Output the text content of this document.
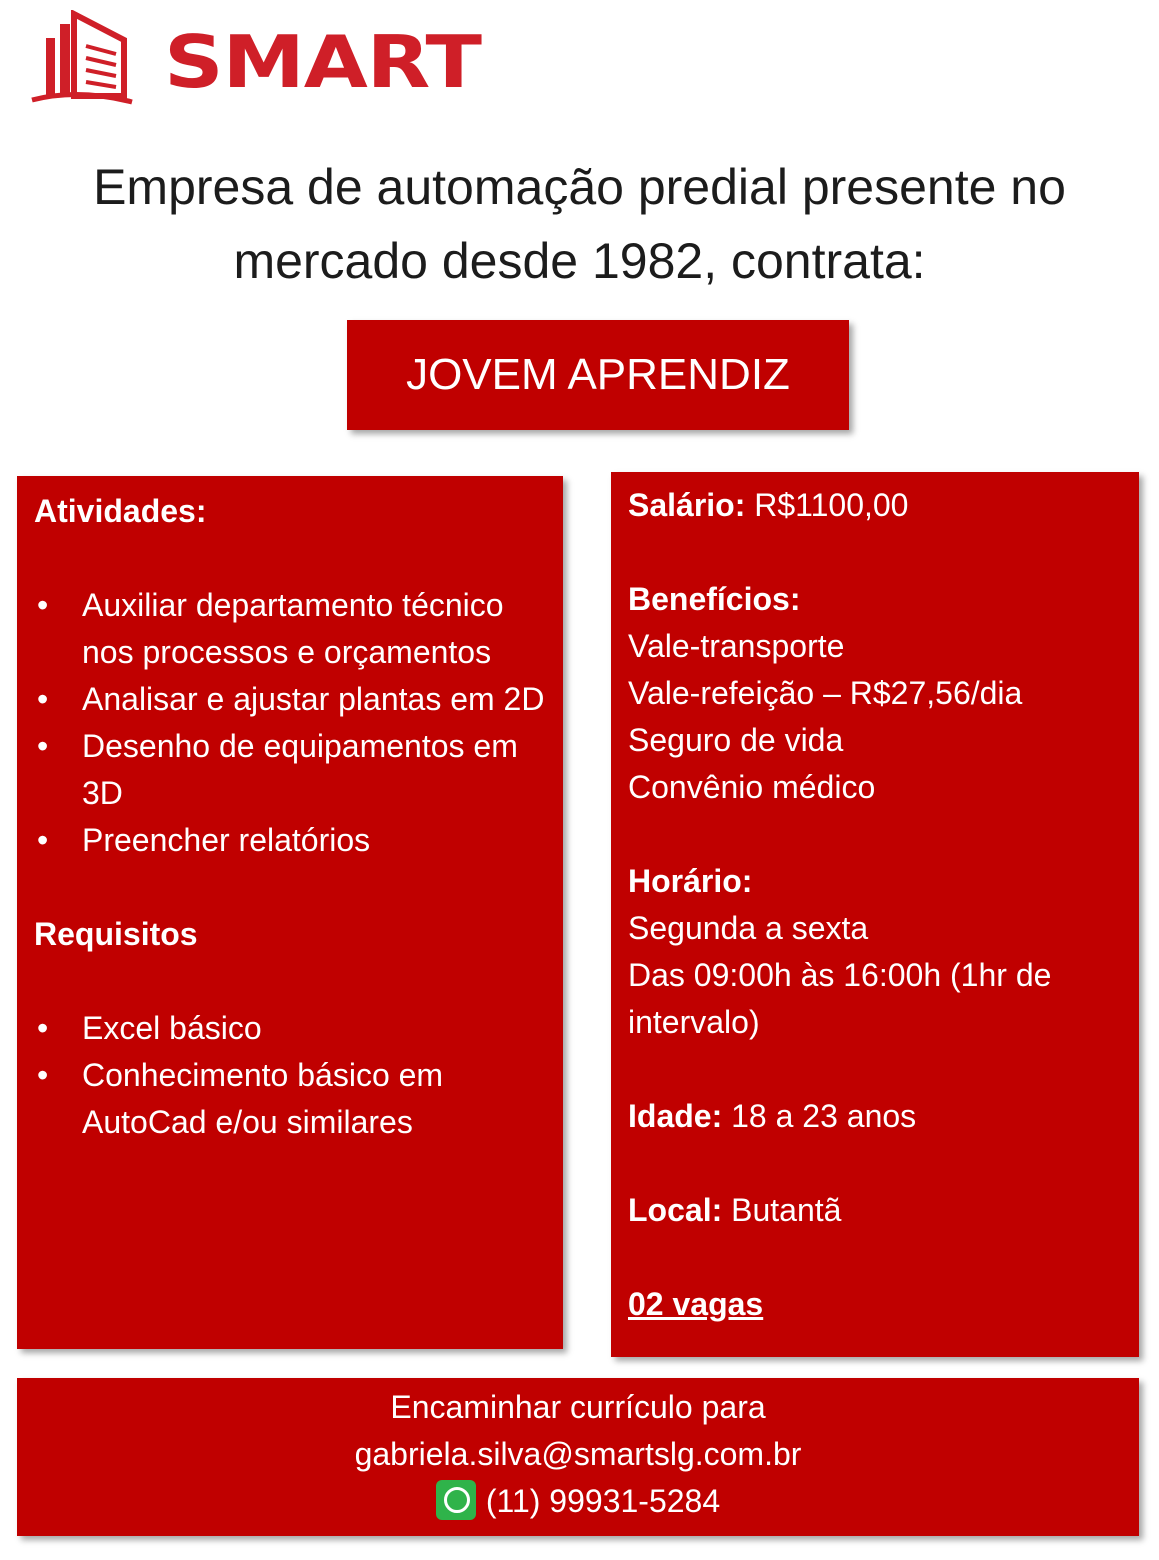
SMART
Empresa de automação predial presente no
mercado desde 1982, contrata:
JOVEM APRENDIZ
Atividades:
• Auxiliar departamento técnico nos processos e orçamentos
• Analisar e ajustar plantas em 2D
• Desenho de equipamentos em 3D
• Preencher relatórios
Requisitos
• Excel básico
• Conhecimento básico em AutoCad e/ou similares
Salário: R$1100,00
Benefícios:
Vale-transporte
Vale-refeição – R$27,56/dia
Seguro de vida
Convênio médico
Horário:
Segunda a sexta
Das 09:00h às 16:00h (1hr de intervalo)
Idade: 18 a 23 anos
Local: Butantã
02 vagas
Encaminhar currículo para
gabriela.silva@smartslg.com.br
(11) 99931-5284
